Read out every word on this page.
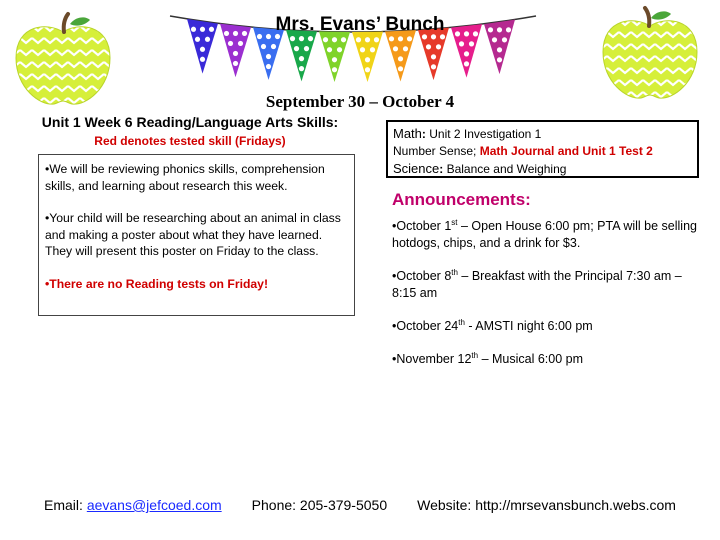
Mrs. Evans’ Bunch
September 30 – October 4
Unit 1 Week 6 Reading/Language Arts Skills:
Red denotes tested skill (Fridays)

•We will be reviewing phonics skills, comprehension skills, and learning about research this week.

•Your child will be researching about an animal in class and making a poster about what they have learned. They will present this poster on Friday to the class.

•There are no Reading tests on Friday!

Math: Unit 2 Investigation 1
Number Sense; Math Journal and Unit 1 Test 2
Science: Balance and Weighing
Announcements:

•October 1st – Open House 6:00 pm; PTA will be selling hotdogs, chips, and a drink for $3.

•October 8th – Breakfast with the Principal 7:30 am – 8:15 am

•October 24th - AMSTI night 6:00 pm

•November 12th – Musical 6:00 pm

Email: aevans@jefcoed.com Phone: 205-379-5050 Website: http://mrsevansbunch.webs.com
